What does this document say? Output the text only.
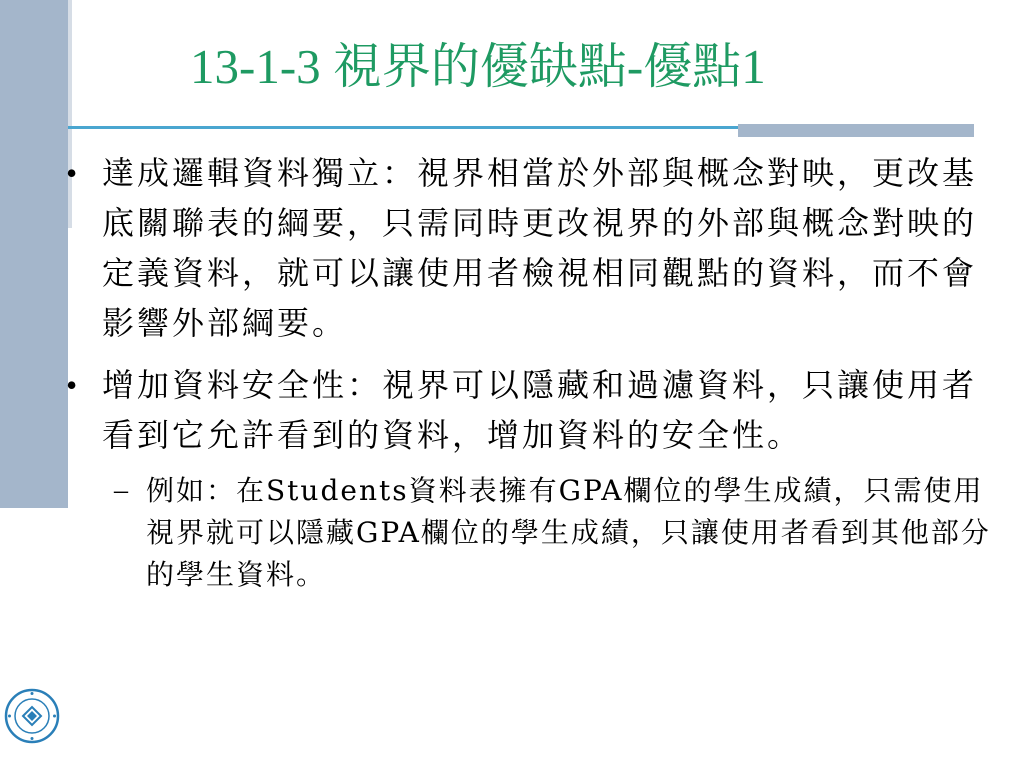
13-1-3 視界的優缺點-優點1
• 達成邏輯資料獨立：視界相當於外部與概念對映，更改基底關聯表的綱要，只需同時更改視界的外部與概念對映的定義資料，就可以讓使用者檢視相同觀點的資料，而不會影響外部綱要。
• 增加資料安全性：視界可以隱藏和過濾資料，只讓使用者看到它允許看到的資料，增加資料的安全性。
– 例如：在Students資料表擁有GPA欄位的學生成績，只需使用視界就可以隱藏GPA欄位的學生成績，只讓使用者看到其他部分的學生資料。
